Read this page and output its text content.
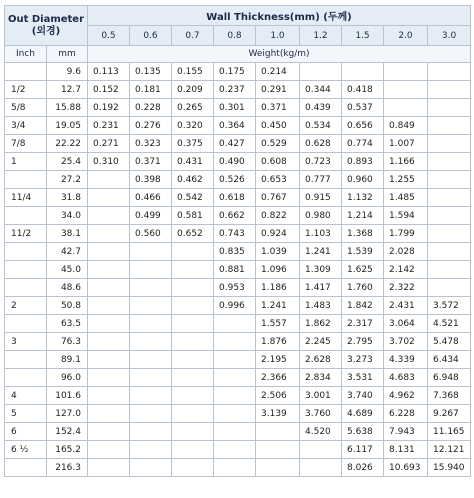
Out Diameter
(외경)		Wall Thickness(mm) (두께)								
		0.5	0.6	0.7	0.8	1.0	1.2	1.5	2.0	3.0
Inch	mm	Weight(kg/m)								
	9.6	0.113	0.135	0.155	0.175	0.214				
1/2	12.7	0.152	0.181	0.209	0.237	0.291	0.344	0.418		
5/8	15.88	0.192	0.228	0.265	0.301	0.371	0.439	0.537		
3/4	19.05	0.231	0.276	0.320	0.364	0.450	0.534	0.656	0.849	
7/8	22.22	0.271	0.323	0.375	0.427	0.529	0.628	0.774	1.007	
1	25.4	0.310	0.371	0.431	0.490	0.608	0.723	0.893	1.166	
	27.2		0.398	0.462	0.526	0.653	0.777	0.960	1.255	
11/4	31.8		0.466	0.542	0.618	0.767	0.915	1.132	1.485	
	34.0		0.499	0.581	0.662	0.822	0.980	1.214	1.594	
11/2	38.1		0.560	0.652	0.743	0.924	1.103	1.368	1.799	
	42.7				0.835	1.039	1.241	1.539	2.028	
	45.0				0.881	1.096	1.309	1.625	2.142	
	48.6				0.953	1.186	1.417	1.760	2.322	
2	50.8				0.996	1.241	1.483	1.842	2.431	3.572
	63.5					1.557	1.862	2.317	3.064	4.521
3	76.3					1.876	2.245	2.795	3.702	5.478
	89.1					2.195	2.628	3.273	4.339	6.434
	96.0					2.366	2.834	3.531	4.683	6.948
4	101.6					2.506	3.001	3.740	4.962	7.368
5	127.0					3.139	3.760	4.689	6.228	9.267
6	152.4						4.520	5.638	7.943	11.165
6 ½	165.2							6.117	8.131	12.121
	216.3							8.026	10.693	15.940
